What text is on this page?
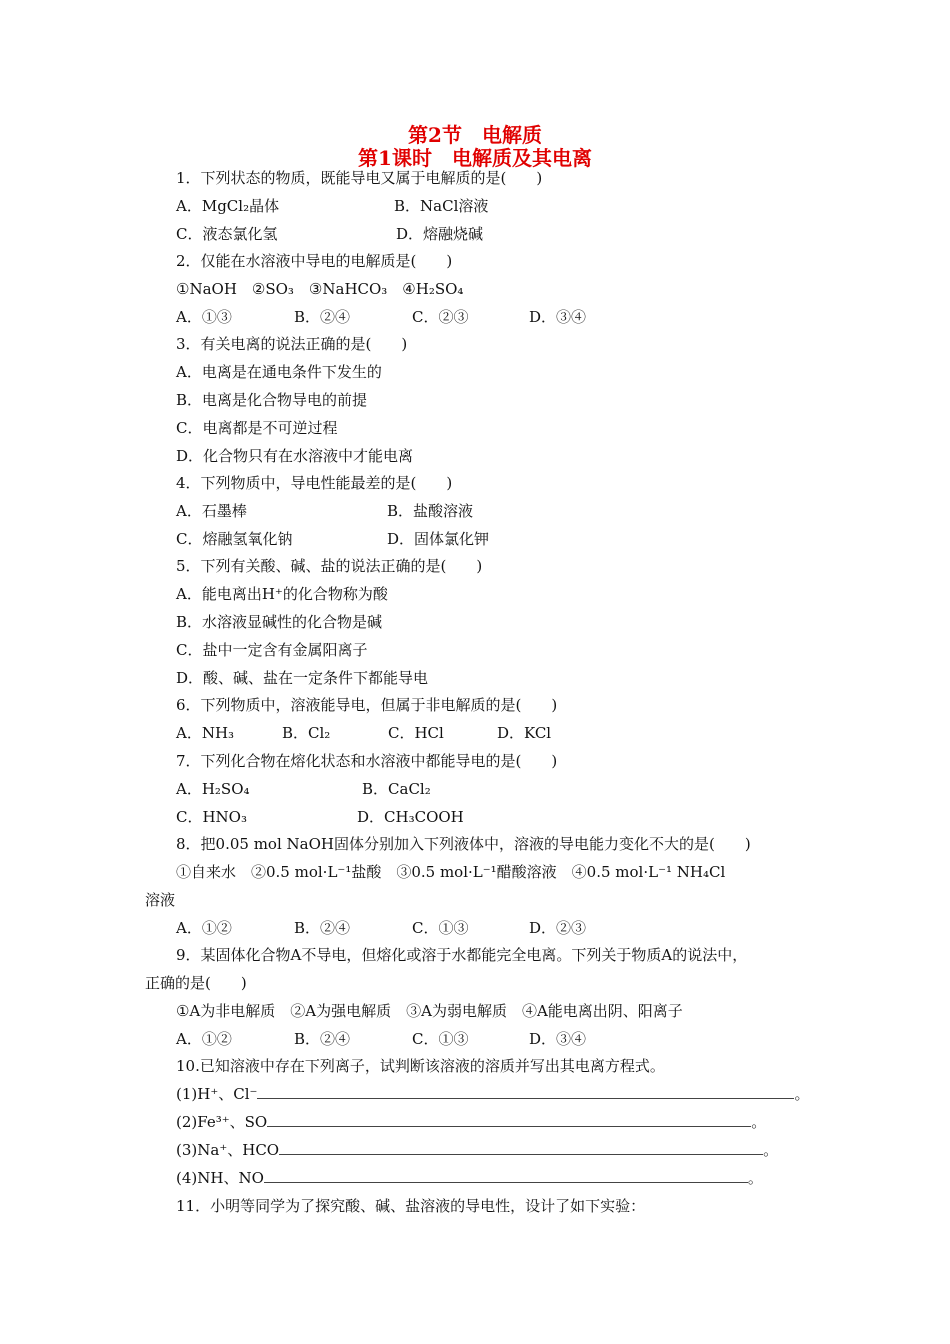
第2节　电解质
第1课时　电解质及其电离
1．下列状态的物质，既能导电又属于电解质的是(　　)
A．MgCl₂晶体	B．NaCl溶液
C．液态氯化氢	D．熔融烧碱
2．仅能在水溶液中导电的电解质是(　　)
①NaOH　②SO₃　③NaHCO₃　④H₂SO₄
A．①③	B．②④	C．②③	D．③④
3．有关电离的说法正确的是(　　)
A．电离是在通电条件下发生的
B．电离是化合物导电的前提
C．电离都是不可逆过程
D．化合物只有在水溶液中才能电离
4．下列物质中，导电性能最差的是(　　)
A．石墨棒	B．盐酸溶液
C．熔融氢氧化钠	D．固体氯化钾
5．下列有关酸、碱、盐的说法正确的是(　　)
A．能电离出H⁺的化合物称为酸
B．水溶液显碱性的化合物是碱
C．盐中一定含有金属阳离子
D．酸、碱、盐在一定条件下都能导电
6．下列物质中，溶液能导电，但属于非电解质的是(　　)
A．NH₃	B．Cl₂	C．HCl	D．KCl
7．下列化合物在熔化状态和水溶液中都能导电的是(　　)
A．H₂SO₄	B．CaCl₂
C．HNO₃	D．CH₃COOH
8．把0.05 mol NaOH固体分别加入下列液体中，溶液的导电能力变化不大的是(　　)
①自来水　②0.5 mol·L⁻¹盐酸　③0.5 mol·L⁻¹醋酸溶液　④0.5 mol·L⁻¹ NH₄Cl
溶液
A．①②	B．②④	C．①③	D．②③
9．某固体化合物A不导电，但熔化或溶于水都能完全电离。下列关于物质A的说法中，
正确的是(　　)
①A为非电解质　②A为强电解质　③A为弱电解质　④A能电离出阴、阳离子
A．①②	B．②④	C．①③	D．③④
10.已知溶液中存在下列离子，试判断该溶液的溶质并写出其电离方程式。
(1)H⁺、Cl⁻	。
(2)Fe³⁺、SO	。
(3)Na⁺、HCO	。
(4)NH、NO	。
11．小明等同学为了探究酸、碱、盐溶液的导电性，设计了如下实验：
